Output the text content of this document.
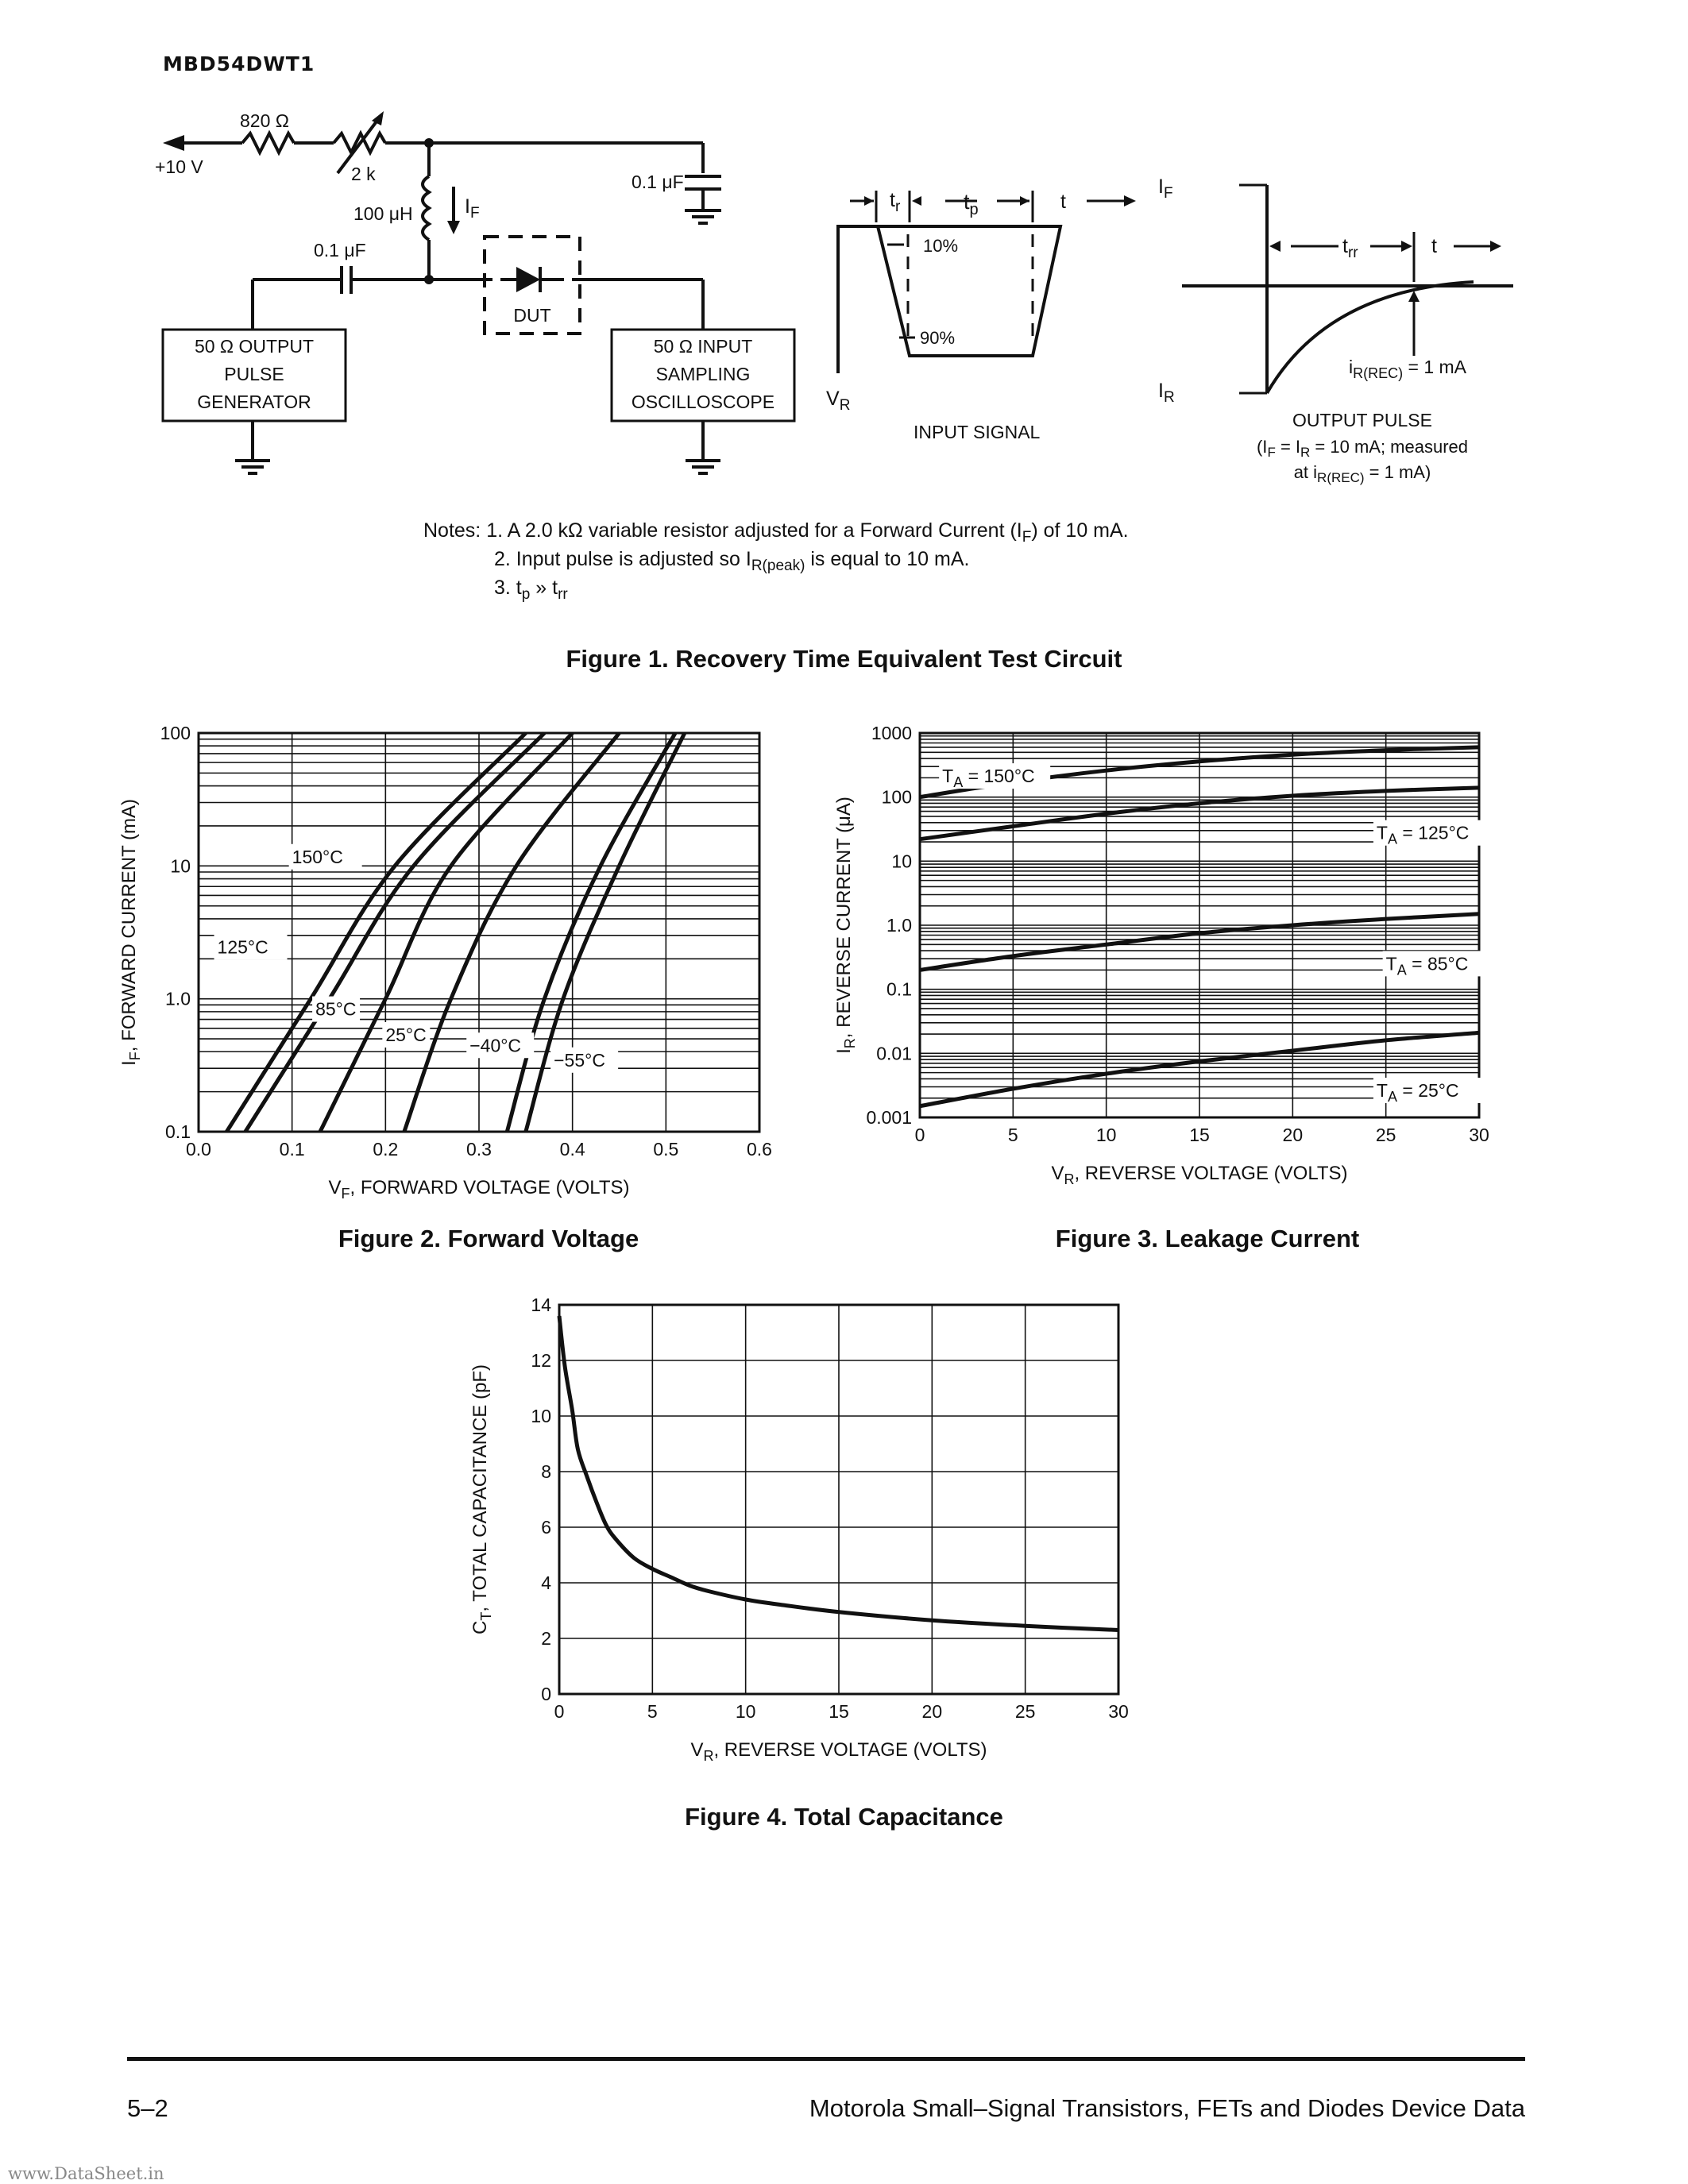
MBD54DWT1
+10 V
820 Ω
2 k
100 μH	$I_F$
0.1 μF
0.1 μF
DUT
50 Ω OUTPUT
PULSE
GENERATOR
50 Ω INPUT
SAMPLING
OSCILLOSCOPE
$t_r$	$t_p$	t
10%
90%
$V_R$
INPUT SIGNAL
$I_F$
$I_R$
$t_{rr}$	t
$i_{R(REC)} = 1$ mA
OUTPUT PULSE
($I_F = I_R = 10$ mA; measured
at $i_{R(REC)} = 1$ mA)
Notes: 1. A 2.0 kΩ variable resistor adjusted for a Forward Current $(I_F)$ of 10 mA.
2. Input pulse is adjusted so $I_{R(peak)}$ is equal to 10 mA.
3. $t_p$ » $t_{rr}$
Figure 1. Recovery Time Equivalent Test Circuit
0.0	0.1	0.2	0.3	0.4	0.5	0.6
0.1
1.0
10
100
$V_F$, FORWARD VOLTAGE (VOLTS)
$I_F$, FORWARD CURRENT (mA)	150°C
125°C
85°C
25°C
−40°C
−55°C
Figure 2. Forward Voltage
0	5	10	15	20	25	30
0.001
0.01
0.1
1.0
10
100
1000
$V_R$, REVERSE VOLTAGE (VOLTS)
$I_R$, REVERSE CURRENT (μA)
$T_A = 150^\circ C$
$T_A = 125^\circ C$
$T_A = 85^\circ C$
$T_A = 25^\circ C$
Figure 3. Leakage Current
0	5	10	15	20	25	30
0
2
4
6
8
10
12
14
$V_R$, REVERSE VOLTAGE (VOLTS)
$C_T$, TOTAL CAPACITANCE (pF)
Figure 4. Total Capacitance
5–2	Motorola Small–Signal Transistors, FETs and Diodes Device Data
www.DataSheet.in
